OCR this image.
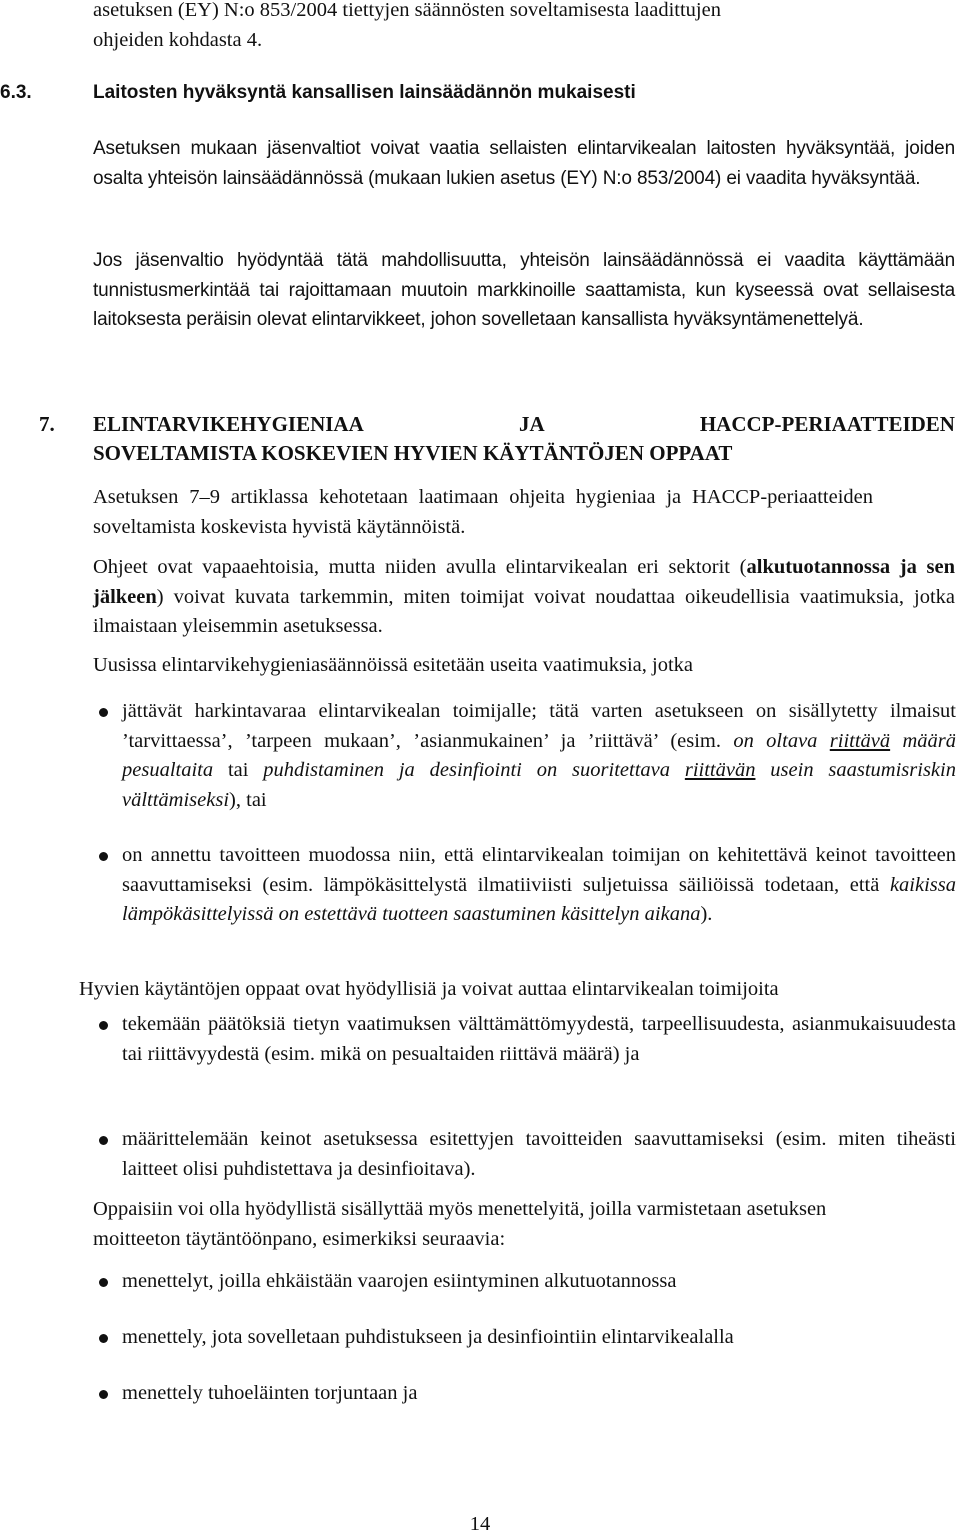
asetuksen (EY) N:o 853/2004 tiettyjen säännösten soveltamisesta laadittujen
ohjeiden kohdasta 4.

6.3.	Laitosten hyväksyntä kansallisen lainsäädännön mukaisesti

Asetuksen mukaan jäsenvaltiot voivat vaatia sellaisten elintarvikealan laitosten hyväksyntää, joiden osalta yhteisön lainsäädännössä (mukaan lukien asetus (EY) N:o 853/2004) ei vaadita hyväksyntää.

Jos jäsenvaltio hyödyntää tätä mahdollisuutta, yhteisön lainsäädännössä ei vaadita käyttämään tunnistusmerkintää tai rajoittamaan muutoin markkinoille saattamista, kun kyseessä ovat sellaisesta laitoksesta peräisin olevat elintarvikkeet, johon sovelletaan kansallista hyväksyntämenettelyä.

7. ELINTARVIKEHYGIENIAA	JA	HACCP-PERIAATTEIDEN
SOVELTAMISTA KOSKEVIEN HYVIEN KÄYTÄNTÖJEN OPPAAT

Asetuksen 7–9 artiklassa kehotetaan laatimaan ohjeita hygieniaa ja HACCP-periaatteiden soveltamista koskevista hyvistä käytännöistä.

Ohjeet ovat vapaaehtoisia, mutta niiden avulla elintarvikealan eri sektorit (alkutuotannossa ja sen jälkeen) voivat kuvata tarkemmin, miten toimijat voivat noudattaa oikeudellisia vaatimuksia, jotka ilmaistaan yleisemmin asetuksessa.

Uusissa elintarvikehygieniasäännöissä esitetään useita vaatimuksia, jotka

jättävät harkintavaraa elintarvikealan toimijalle; tätä varten asetukseen on sisällytetty ilmaisut ’tarvittaessa’, ’tarpeen mukaan’, ’asianmukainen’ ja ’riittävä’ (esim. on oltava riittävä määrä pesualtaita tai puhdistaminen ja desinfiointi on suoritettava riittävän usein saastumisriskin välttämiseksi), tai

on annettu tavoitteen muodossa niin, että elintarvikealan toimijan on kehitettävä keinot tavoitteen saavuttamiseksi (esim. lämpökäsittelystä ilmatiiviisti suljetuissa säiliöissä todetaan, että kaikissa lämpökäsittelyissä on estettävä tuotteen saastuminen käsittelyn aikana).

Hyvien käytäntöjen oppaat ovat hyödyllisiä ja voivat auttaa elintarvikealan toimijoita

tekemään päätöksiä tietyn vaatimuksen välttämättömyydestä, tarpeellisuudesta, asianmukaisuudesta tai riittävyydestä (esim. mikä on pesualtaiden riittävä määrä) ja

määrittelemään keinot asetuksessa esitettyjen tavoitteiden saavuttamiseksi (esim. miten tiheästi laitteet olisi puhdistettava ja desinfioitava).

Oppaisiin voi olla hyödyllistä sisällyttää myös menettelyitä, joilla varmistetaan asetuksen moitteeton täytäntöönpano, esimerkiksi seuraavia:

menettelyt, joilla ehkäistään vaarojen esiintyminen alkutuotannossa

menettely, jota sovelletaan puhdistukseen ja desinfiointiin elintarvikealalla

menettely tuhoeläinten torjuntaan ja

14
